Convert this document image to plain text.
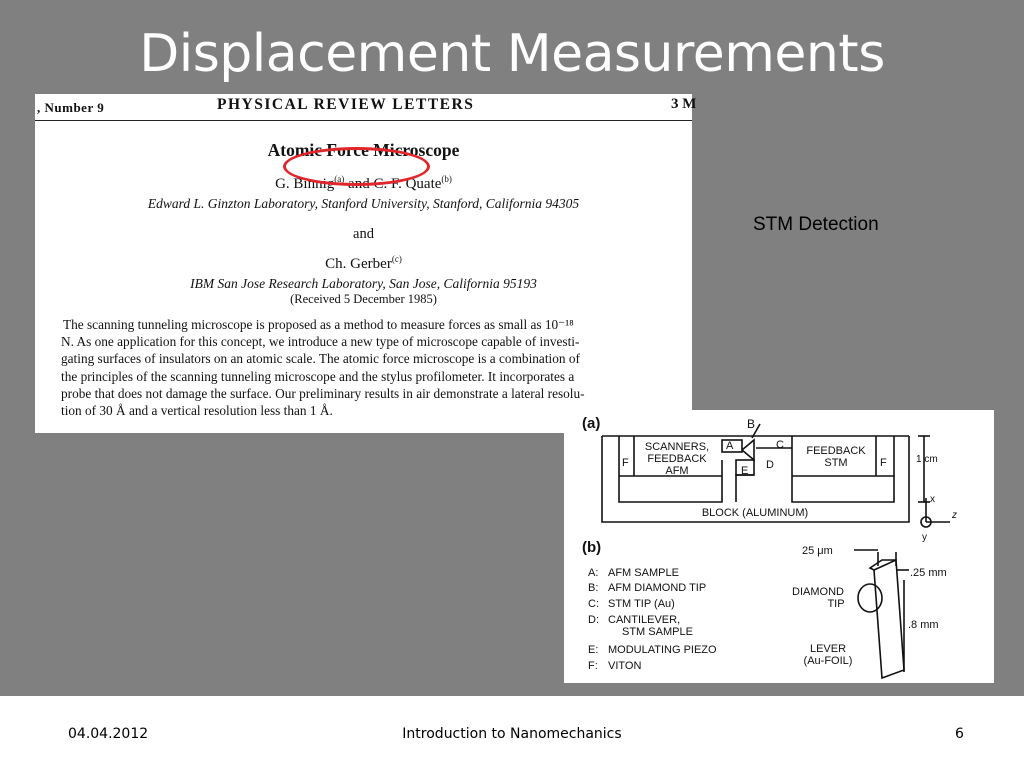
Displacement Measurements
, Number 9	PHYSICAL REVIEW LETTERS	3 M
Atomic Force Microscope
G. Binnig$^{(a)}$ and C. F. Quate$^{(b)}$
Edward L. Ginzton Laboratory, Stanford University, Stanford, California 94305
and
Ch. Gerber$^{(c)}$
IBM San Jose Research Laboratory, San Jose, California 95193
(Received 5 December 1985)
The scanning tunneling microscope is proposed as a method to measure forces as small as 10⁻¹⁸
N. As one application for this concept, we introduce a new type of microscope capable of investi-
gating surfaces of insulators on an atomic scale. The atomic force microscope is a combination of
the principles of the scanning tunneling microscope and the stylus profilometer. It incorporates a
probe that does not damage the surface. Our preliminary results in air demonstrate a lateral resolu-
tion of 30 Å and a vertical resolution less than 1 Å.
STM Detection
(a)	B
A	C
D
E
F	F
SCANNERS,
FEEDBACK
AFM
FEEDBACK
STM
BLOCK (ALUMINUM)
1 cm
x
z
y
(b)
A: AFM SAMPLE
B: AFM DIAMOND TIP
C: STM TIP (Au)
D: CANTILEVER,
STM SAMPLE
E: MODULATING PIEZO
F: VITON
25 μm
.25 mm
.8 mm
DIAMOND
TIP
LEVER
(Au-FOIL)
04.04.2012	Introduction to Nanomechanics	6
